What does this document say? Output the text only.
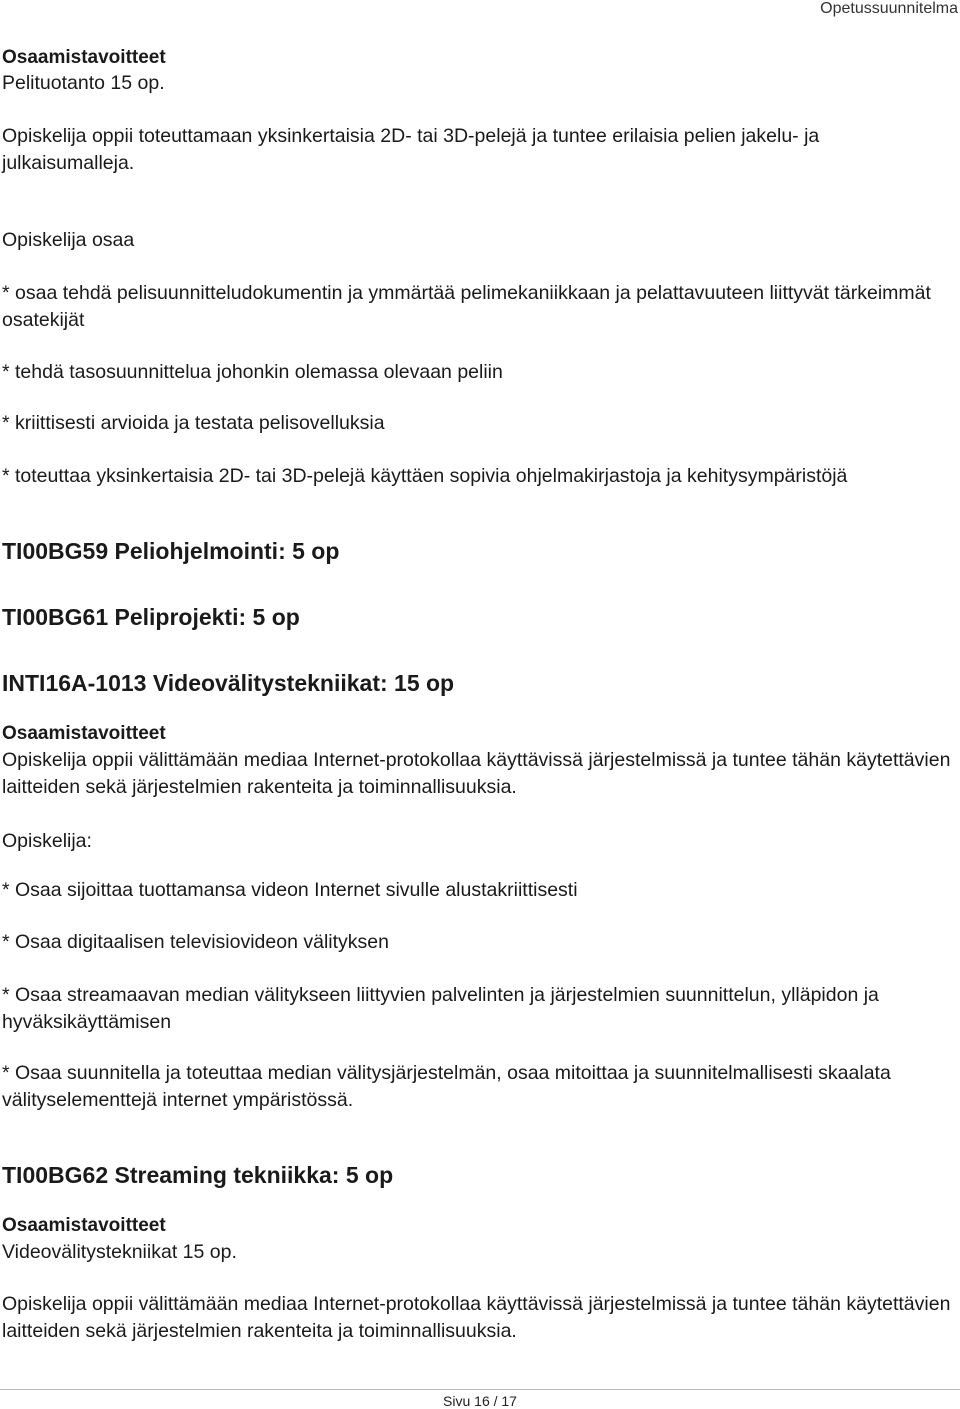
Opetussuunnitelma
Osaamistavoitteet
Pelituotanto 15 op.

Opiskelija oppii toteuttamaan yksinkertaisia 2D- tai 3D-pelejä ja tuntee erilaisia pelien jakelu- ja julkaisumalleja.

Opiskelija osaa

* osaa tehdä pelisuunnitteludokumentin ja ymmärtää pelimekaniikkaan ja pelattavuuteen liittyvät tärkeimmät osatekijät

* tehdä tasosuunnittelua johonkin olemassa olevaan peliin

* kriittisesti arvioida ja testata pelisovelluksia

* toteuttaa yksinkertaisia 2D- tai 3D-pelejä käyttäen sopivia ohjelmakirjastoja ja kehitysympäristöjä

TI00BG59 Peliohjelmointi: 5 op
TI00BG61 Peliprojekti: 5 op
INTI16A-1013 Videovälitystekniikat: 15 op
Osaamistavoitteet

Opiskelija oppii välittämään mediaa Internet-protokollaa käyttävissä järjestelmissä ja tuntee tähän käytettävien laitteiden sekä järjestelmien rakenteita ja toiminnallisuuksia.

Opiskelija:

* Osaa sijoittaa tuottamansa videon Internet sivulle alustakriittisesti

* Osaa digitaalisen televisiovideon välityksen

* Osaa streamaavan median välitykseen liittyvien palvelinten ja järjestelmien suunnittelun, ylläpidon ja hyväksikäyttämisen

* Osaa suunnitella ja toteuttaa median välitysjärjestelmän, osaa mitoittaa ja suunnitelmallisesti skaalata välityselementtejä internet ympäristössä.

TI00BG62 Streaming tekniikka: 5 op
Osaamistavoitteet
Videovälitystekniikat 15 op.

Opiskelija oppii välittämään mediaa Internet-protokollaa käyttävissä järjestelmissä ja tuntee tähän käytettävien laitteiden sekä järjestelmien rakenteita ja toiminnallisuuksia.

Sivu 16 / 17
